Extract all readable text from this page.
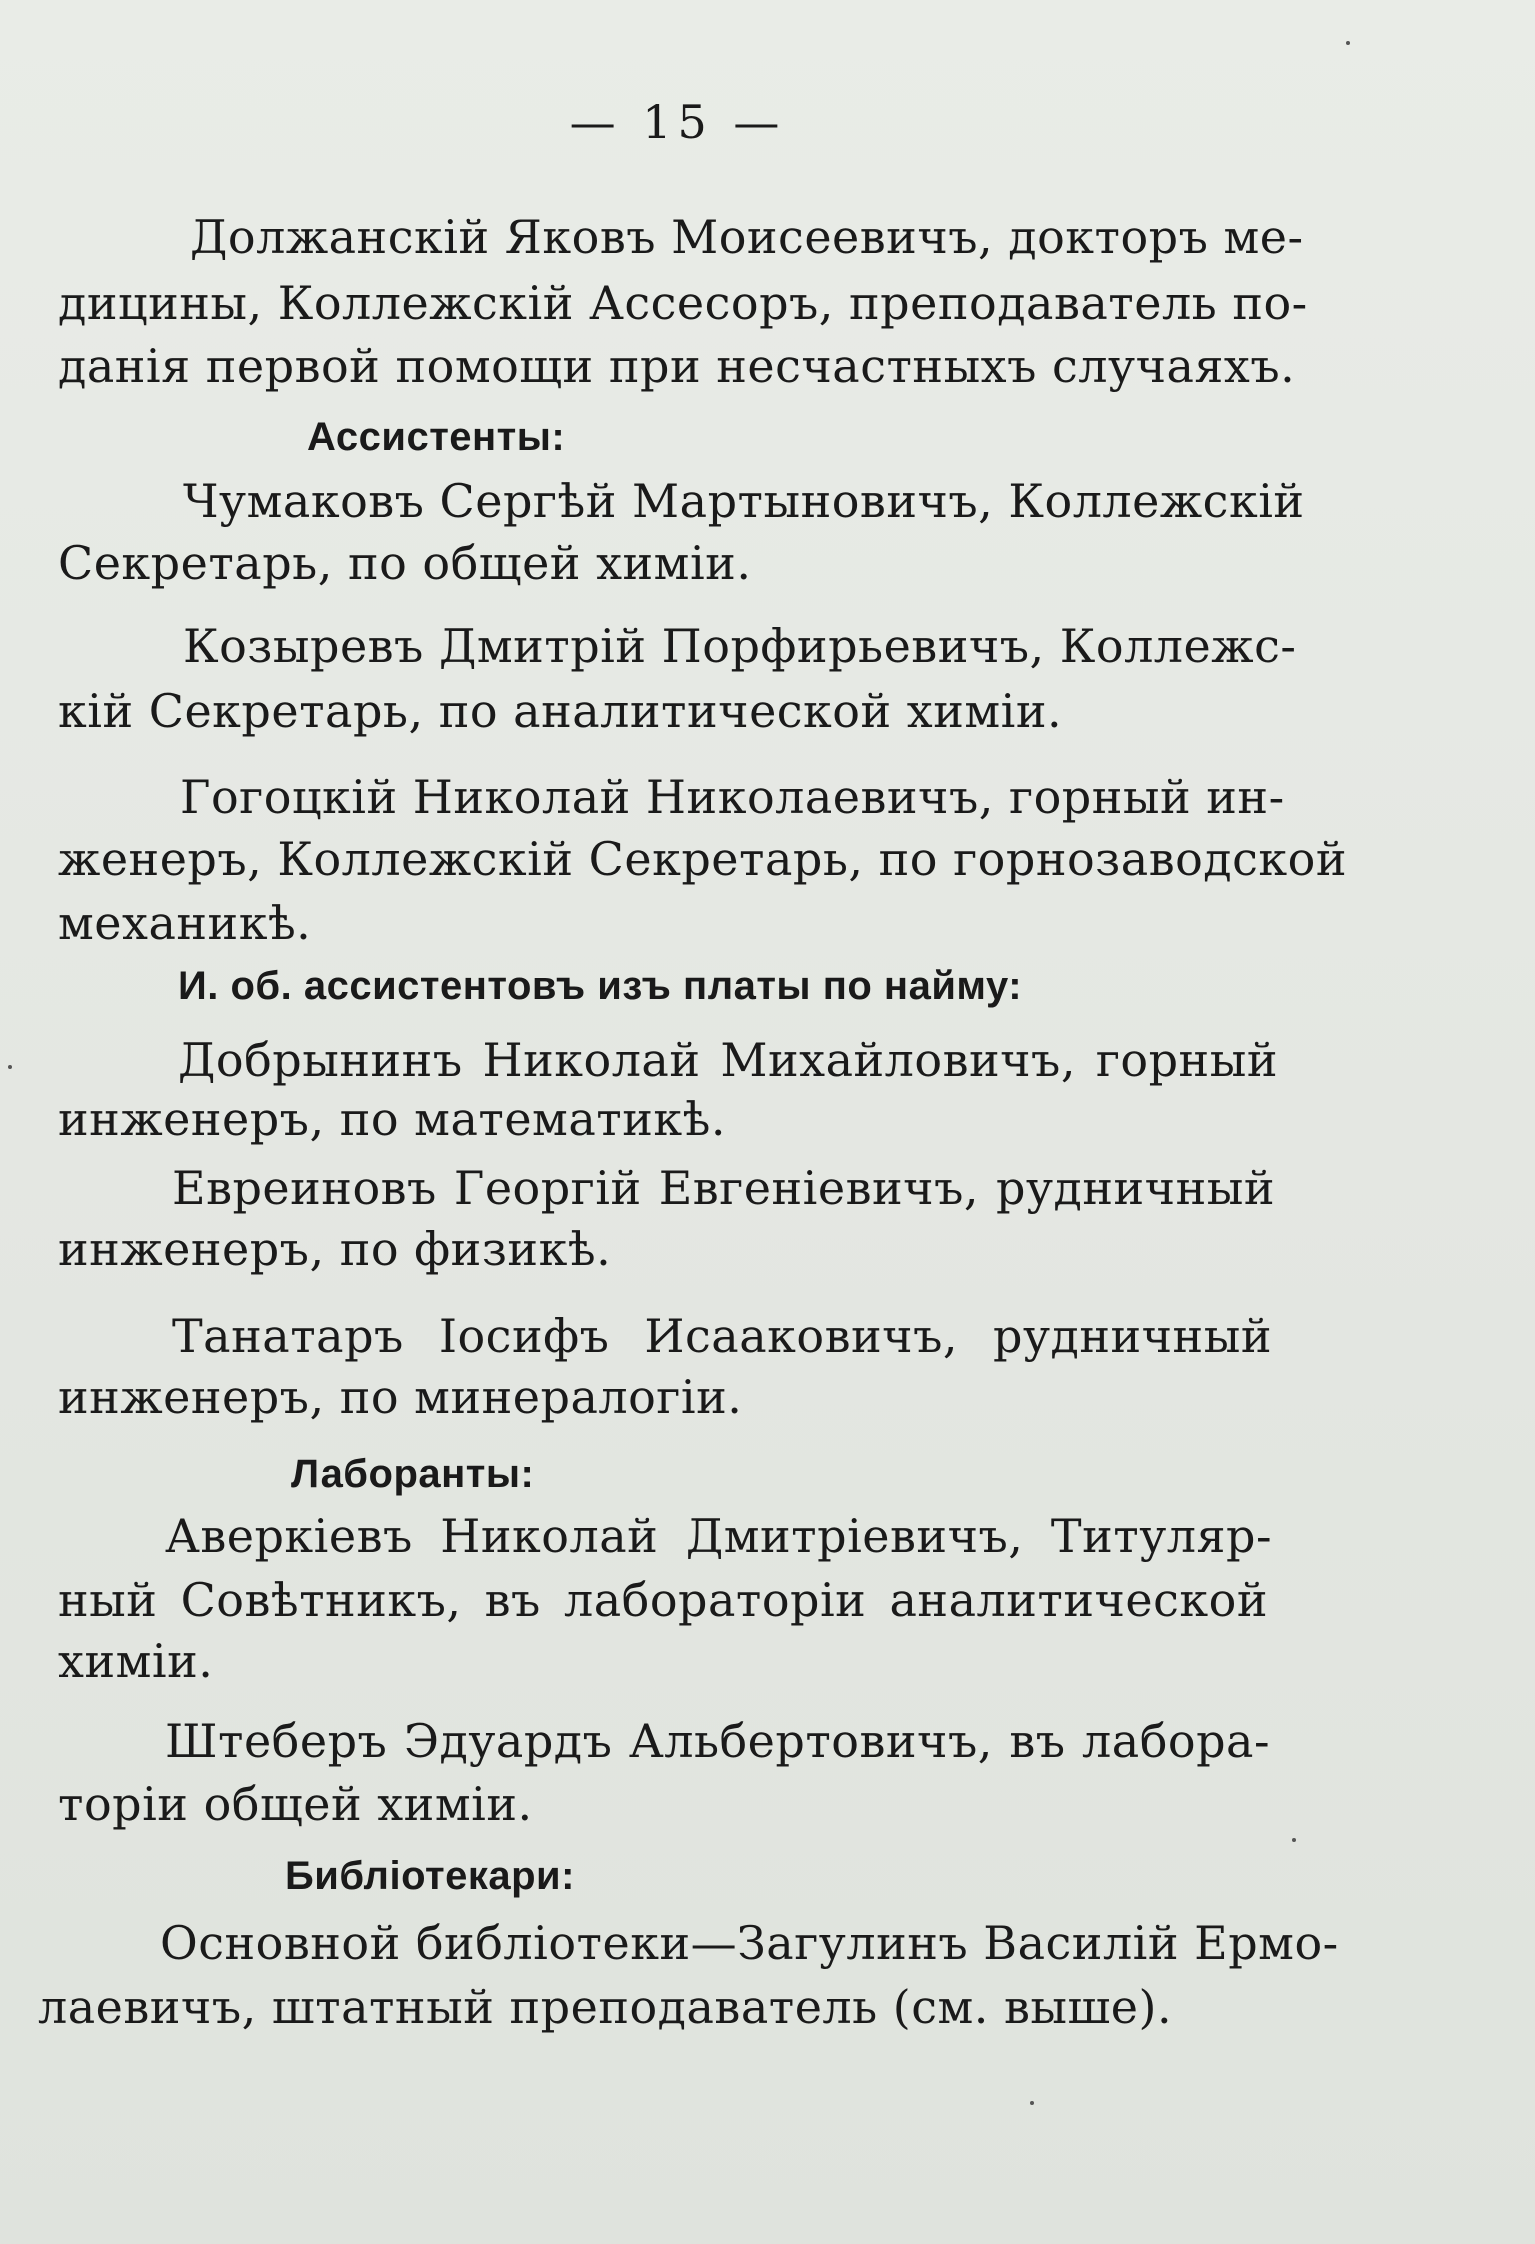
— 15 —
Должанскій Яковъ Моисеевичъ, докторъ ме-
дицины, Коллежскій Ассесоръ, преподаватель по-
данія первой помощи при несчастныхъ случаяхъ.
Ассистенты:
Чумаковъ Сергѣй Мартыновичъ, Коллежскій
Секретарь, по общей химіи.
Козыревъ Дмитрій Порфирьевичъ, Коллежс-
кій Секретарь, по аналитической химіи.
Гогоцкій Николай Николаевичъ, горный ин-
женеръ, Коллежскій Секретарь, по горнозаводской
механикѣ.
И. об. ассистентовъ изъ платы по найму:
Добрынинъ Николай Михайловичъ, горный
инженеръ, по математикѣ.
Евреиновъ Георгій Евгеніевичъ, рудничный
инженеръ, по физикѣ.
Танатаръ Іосифъ Исааковичъ, рудничный
инженеръ, по минералогіи.
Лаборанты:
Аверкіевъ Николай Дмитріевичъ, Титуляр-
ный Совѣтникъ, въ лабораторіи аналитической
химіи.
Штеберъ Эдуардъ Альбертовичъ, въ лабора-
торіи общей химіи.
Библіотекари:
Основной библіотеки—Загулинъ Василій Ермо-
лаевичъ, штатный преподаватель (см. выше).
